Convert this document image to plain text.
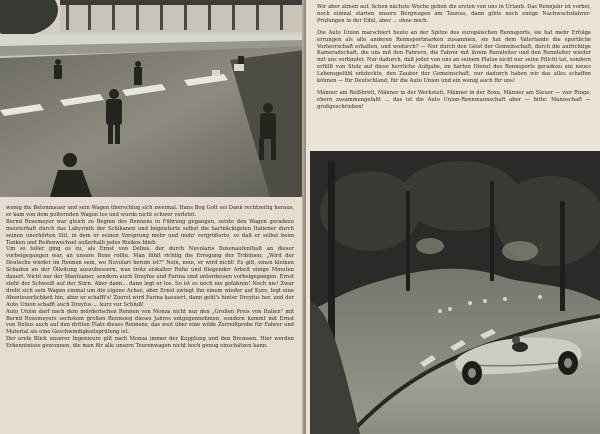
wenig die Betonmauer und sein Wagen überschlug sich zweimal. Hans Bog Gott sei Dank rechtzeitig heraus, er kam von dem polternden Wagen los und wurde nicht schwer verletzt.

Bernd Rosemeyer war gleich zu Beginn des Rennens in Führung gegangen, setzte den Wagen geradezu meisterhaft durch das Labyrinth der Schikanen und begeisterte selbst die hartnäckigsten Italiener durch seinen unerhörten Stil, in dem er seinen Vorsprung mehr und mehr vergrößerte, so daß er selbst beim Tanken und Reifenwechsel außerhalb jedes Risikos blieb.

Um so toller ging es zu, als Ernst von Delius, der durch Nuvolaris Boxenaufenthalt an dieser vorbeigegangen war, an unsere Boxe rollte. Man fühlt richtig die Erregung der Tribünen: „Wird der Deutsche wieder im Rennen sein, wo Nuvolari herum ist?" Nein, nein, er wird nicht! Es gilt, einen kleinen Schaden an der Ölleitung auszubessern, was trotz eiskalter Ruhe und fliegender Arbeit einige Minuten dauert. Nicht nur der Mantuaner, sondern auch Dreyfus und Farina sind unterdessen vorbeigegangen. Ernst steht der Schweiß auf der Stirn. Aber dann... dann legt er los. So ist es noch nie gefahren! Noch nie! Zwar dreht sich sein Wagen einmal um die eigene Achse, aber Ernst zwingt ihn einem wieder auf Kurs, legt eine Abenteuerlichkeit hin, aber er schafft's! Zuerst wird Farina kassiert, dann geht's hinter Dreyfus her, und der Auto Union schafft auch Dreyfus ... kurz vor Schluß!

Auto Union darf nach dem mörderischen Rennen von Monza nicht nur den „Großen Preis von Italien" mit Bernd Rosemeyers sechstem großen Rennsieg dieses Jahres entgegennehmen, sondern kommt mit Ernst von Delius auch auf den dritten Platz dieses Rennens, das weit über eine wilde Zerreißprobe für Fahrer und Material als eine Geschwindigkeitsprüfung ist.

Der erste Blick unserer Ingenieure gilt nach Monza immer der Kupplung und den Bremsen. Hier werden Erkenntnisse gewonnen, die man für alle unsere Tourenwagen nicht hoch genug einschätzen kann.

Wir aber atmen auf. Schon nächste Woche gehen die ersten von uns in Urlaub. Das Rennjahr ist vorbei, noch einmal starten unsere Bergwagen am Taunus, dann gibts noch einige Nachwuchsfahrer-Prüfungen in der Eifel, aber ... ohne mich.

Die Auto Union marschiert heute an der Spitze des europäischen Rennsports, sie hat mehr Erfolge errungen als alle anderen Rennsportmarken zusammen, sie hat dem Vaterlande die sportliche Vorherrschaft erhalten, und wodurch? — Nur durch den Geist der Gemeinschaft, durch die aufrichtige Kameradschaft, die uns mit den Fahrern, die Fahrer mit ihrem Rennleiter und den Rennleiter wieder mit uns verbindet. Nur dadurch, daß jeder von uns an seinem Platze nicht nur seine Pflicht tat, sondern erfüllt von Stolz auf diese herrliche Aufgabe, im harten Dienst des Rennsports geradezu ein neues Lebensgefühl entdeckte, den Zauber der Gemeinschaft, nur dadurch haben wir das alles schaffen können — für Deutschland, für die Auto Union und ein wenig auch für uns!

Männer am Reißbrett, Männer in der Werkstatt, Männer in der Boxe, Männer am Steuer — vier Ringe, ehern zusammengefaßt ... das ist die Auto Union-Rennmannschaft aber — bitte: Mannschaft — großgeschrieben!
